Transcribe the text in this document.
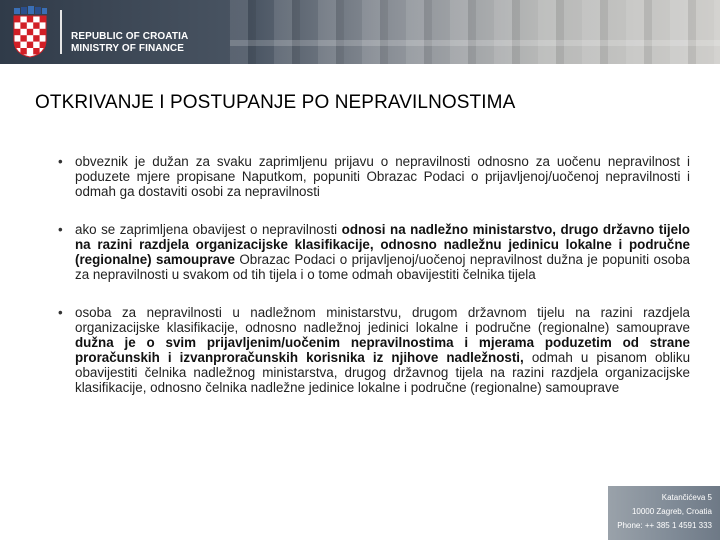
REPUBLIC OF CROATIA
MINISTRY OF FINANCE
OTKRIVANJE I POSTUPANJE PO NEPRAVILNOSTIMA
• obveznik je dužan za svaku zaprimljenu prijavu o nepravilnosti odnosno za uočenu nepravilnost i poduzete mjere propisane Naputkom, popuniti Obrazac Podaci o prijavljenoj/uočenoj nepravilnosti i odmah ga dostaviti osobi za nepravilnosti
• ako se zaprimljena obavijest o nepravilnosti odnosi na nadležno ministarstvo, drugo državno tijelo na razini razdjela organizacijske klasifikacije, odnosno nadležnu jedinicu lokalne i područne (regionalne) samouprave Obrazac Podaci o prijavljenoj/uočenoj nepravilnost dužna je popuniti osoba za nepravilnosti u svakom od tih tijela i o tome odmah obavijestiti čelnika tijela
• osoba za nepravilnosti u nadležnom ministarstvu, drugom državnom tijelu na razini razdjela organizacijske klasifikacije, odnosno nadležnoj jedinici lokalne i područne (regionalne) samouprave dužna je o svim prijavljenim/uočenim nepravilnostima i mjerama poduzetim od strane proračunskih i izvanproračunskih korisnika iz njihove nadležnosti, odmah u pisanom obliku obavijestiti čelnika nadležnog ministarstva, drugog državnog tijela na razini razdjela organizacijske klasifikacije, odnosno čelnika nadležne jedinice lokalne i područne (regionalne) samouprave
Katančićeva 5
10000 Zagreb, Croatia
Phone: ++ 385 1 4591 333
